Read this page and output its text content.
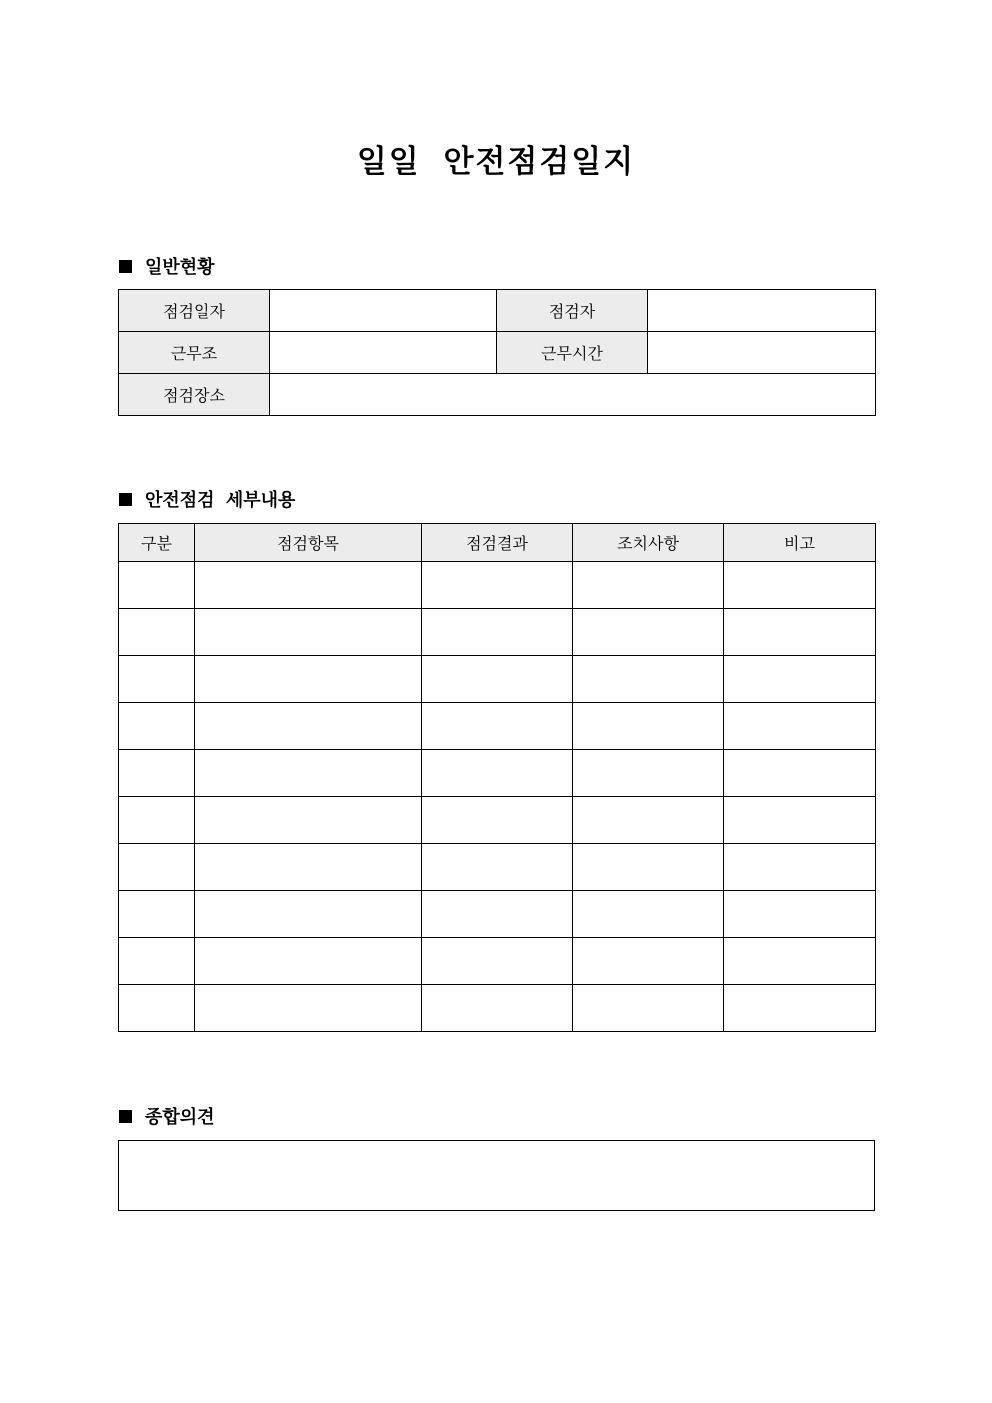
일일 안전점검일지
일반현황
점검일자		점검자	
근무조		근무시간	
점검장소			
안전점검 세부내용
구분	점검항목	점검결과	조치사항	비고

종합의견
